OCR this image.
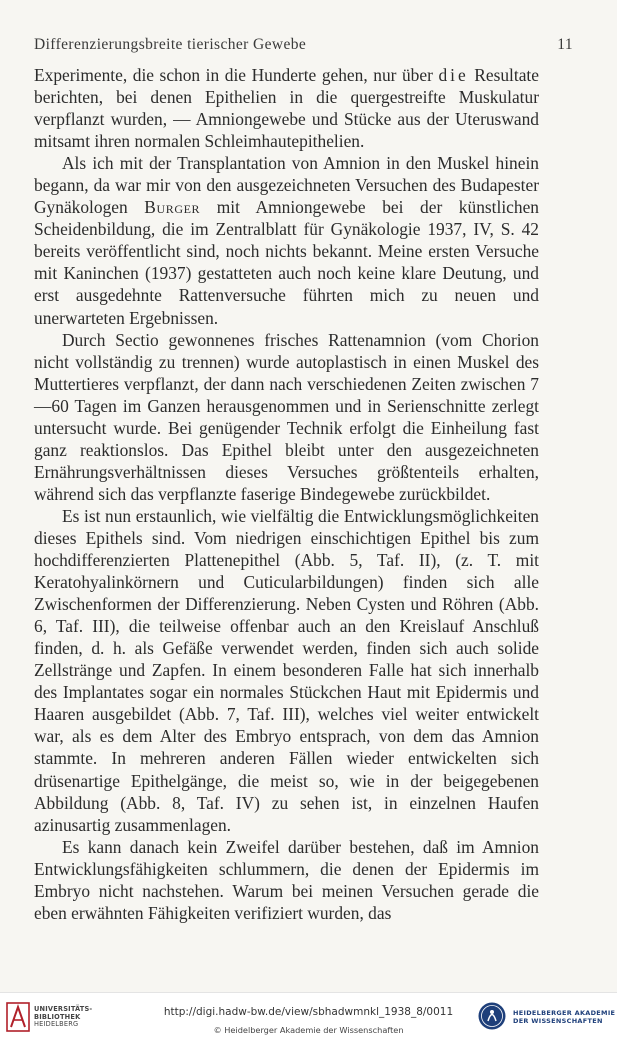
Differenzierungsbreite tierischer Gewebe	11

Experimente, die schon in die Hunderte gehen, nur über die Resultate berichten, bei denen Epithelien in die quergestreifte Muskulatur verpflanzt wurden, — Amniongewebe und Stücke aus der Uteruswand mitsamt ihren normalen Schleimhautepithelien.

Als ich mit der Transplantation von Amnion in den Muskel hinein begann, da war mir von den ausgezeichneten Versuchen des Budapester Gynäkologen Burger mit Amniongewebe bei der künstlichen Scheidenbildung, die im Zentralblatt für Gynäkologie 1937, IV, S. 42 bereits veröffentlicht sind, noch nichts bekannt. Meine ersten Versuche mit Kaninchen (1937) gestatteten auch noch keine klare Deutung, und erst ausgedehnte Rattenversuche führten mich zu neuen und unerwarteten Ergebnissen.

Durch Sectio gewonnenes frisches Rattenamnion (vom Chorion nicht vollständig zu trennen) wurde autoplastisch in einen Muskel des Muttertieres verpflanzt, der dann nach verschiedenen Zeiten zwischen 7—60 Tagen im Ganzen herausgenommen und in Serienschnitte zerlegt untersucht wurde. Bei genügender Technik erfolgt die Einheilung fast ganz reaktionslos. Das Epithel bleibt unter den ausgezeichneten Ernährungsverhältnissen dieses Versuches größtenteils erhalten, während sich das verpflanzte faserige Bindegewebe zurückbildet.

Es ist nun erstaunlich, wie vielfältig die Entwicklungsmöglichkeiten dieses Epithels sind. Vom niedrigen einschichtigen Epithel bis zum hochdifferenzierten Plattenepithel (Abb. 5, Taf. II), (z. T. mit Keratohyalinkörnern und Cuticularbildungen) finden sich alle Zwischenformen der Differenzierung. Neben Cysten und Röhren (Abb. 6, Taf. III), die teilweise offenbar auch an den Kreislauf Anschluß finden, d. h. als Gefäße verwendet werden, finden sich auch solide Zellstränge und Zapfen. In einem besonderen Falle hat sich innerhalb des Implantates sogar ein normales Stückchen Haut mit Epidermis und Haaren ausgebildet (Abb. 7, Taf. III), welches viel weiter entwickelt war, als es dem Alter des Embryo entsprach, von dem das Amnion stammte. In mehreren anderen Fällen wieder entwickelten sich drüsenartige Epithelgänge, die meist so, wie in der beigegebenen Abbildung (Abb. 8, Taf. IV) zu sehen ist, in einzelnen Haufen azinusartig zusammenlagen.

Es kann danach kein Zweifel darüber bestehen, daß im Amnion Entwicklungsfähigkeiten schlummern, die denen der Epidermis im Embryo nicht nachstehen. Warum bei meinen Versuchen gerade die eben erwähnten Fähigkeiten verifiziert wurden, das

UNIVERSITÄTS-
BIBLIOTHEK
HEIDELBERG
http://digi.hadw-bw.de/view/sbhadwmnkl_1938_8/0011
© Heidelberger Akademie der Wissenschaften
HEIDELBERGER AKADEMIE
DER WISSENSCHAFTEN
